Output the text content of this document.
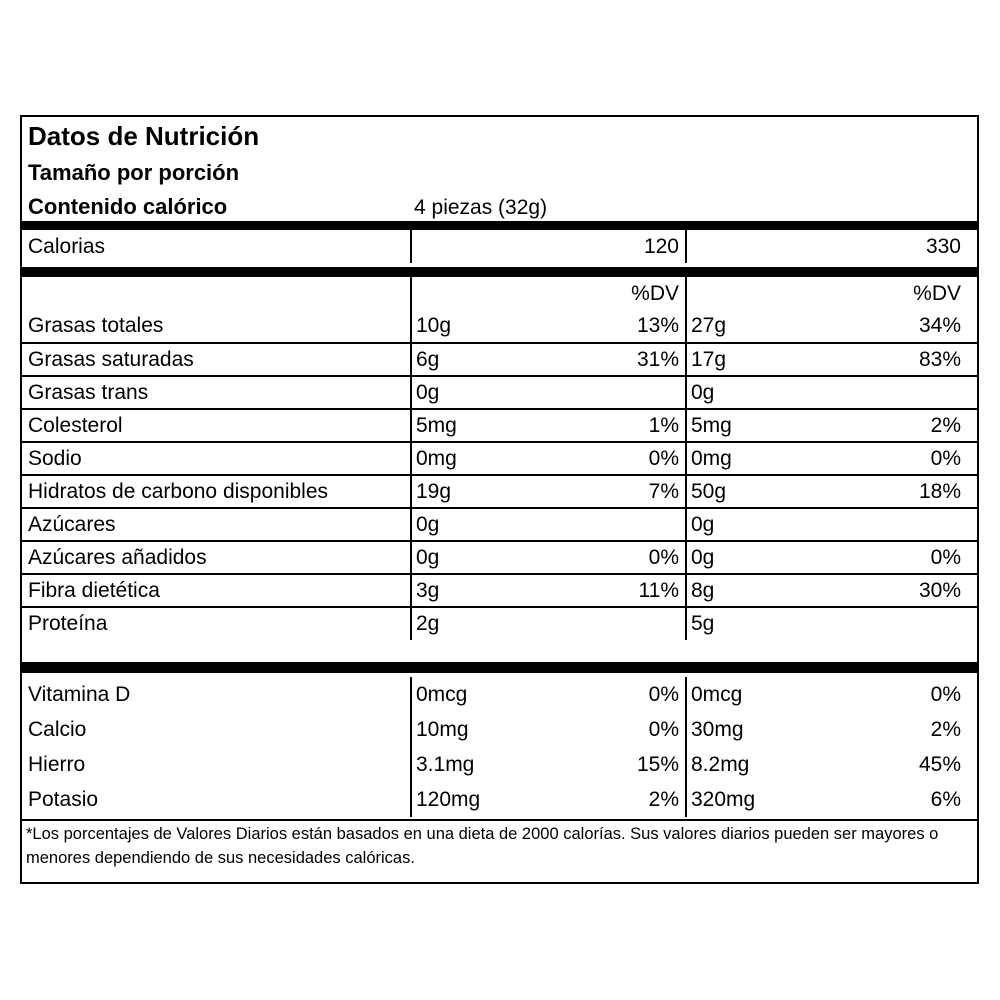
Datos de Nutrición
Tamaño por porción
Contenido calórico	4 piezas (32g)
Calorias			120			330
			%DV			%DV
Grasas totales		10g	13%		27g	34%
Grasas saturadas		6g	31%		17g	83%
Grasas trans		0g			0g	
Colesterol		5mg	1%		5mg	2%
Sodio		0mg	0%		0mg	0%
Hidratos de carbono disponibles		19g	7%		50g	18%
Azúcares		0g			0g	
Azúcares añadidos		0g	0%		0g	0%
Fibra dietética		3g	11%		8g	30%
Proteína		2g			5g	
Vitamina D		0mcg	0%		0mcg	0%
Calcio		10mg	0%		30mg	2%
Hierro		3.1mg	15%		8.2mg	45%
Potasio		120mg	2%		320mg	6%
*Los porcentajes de Valores Diarios están basados en una dieta de 2000 calorías. Sus valores diarios pueden ser mayores o menores dependiendo de sus necesidades calóricas.
